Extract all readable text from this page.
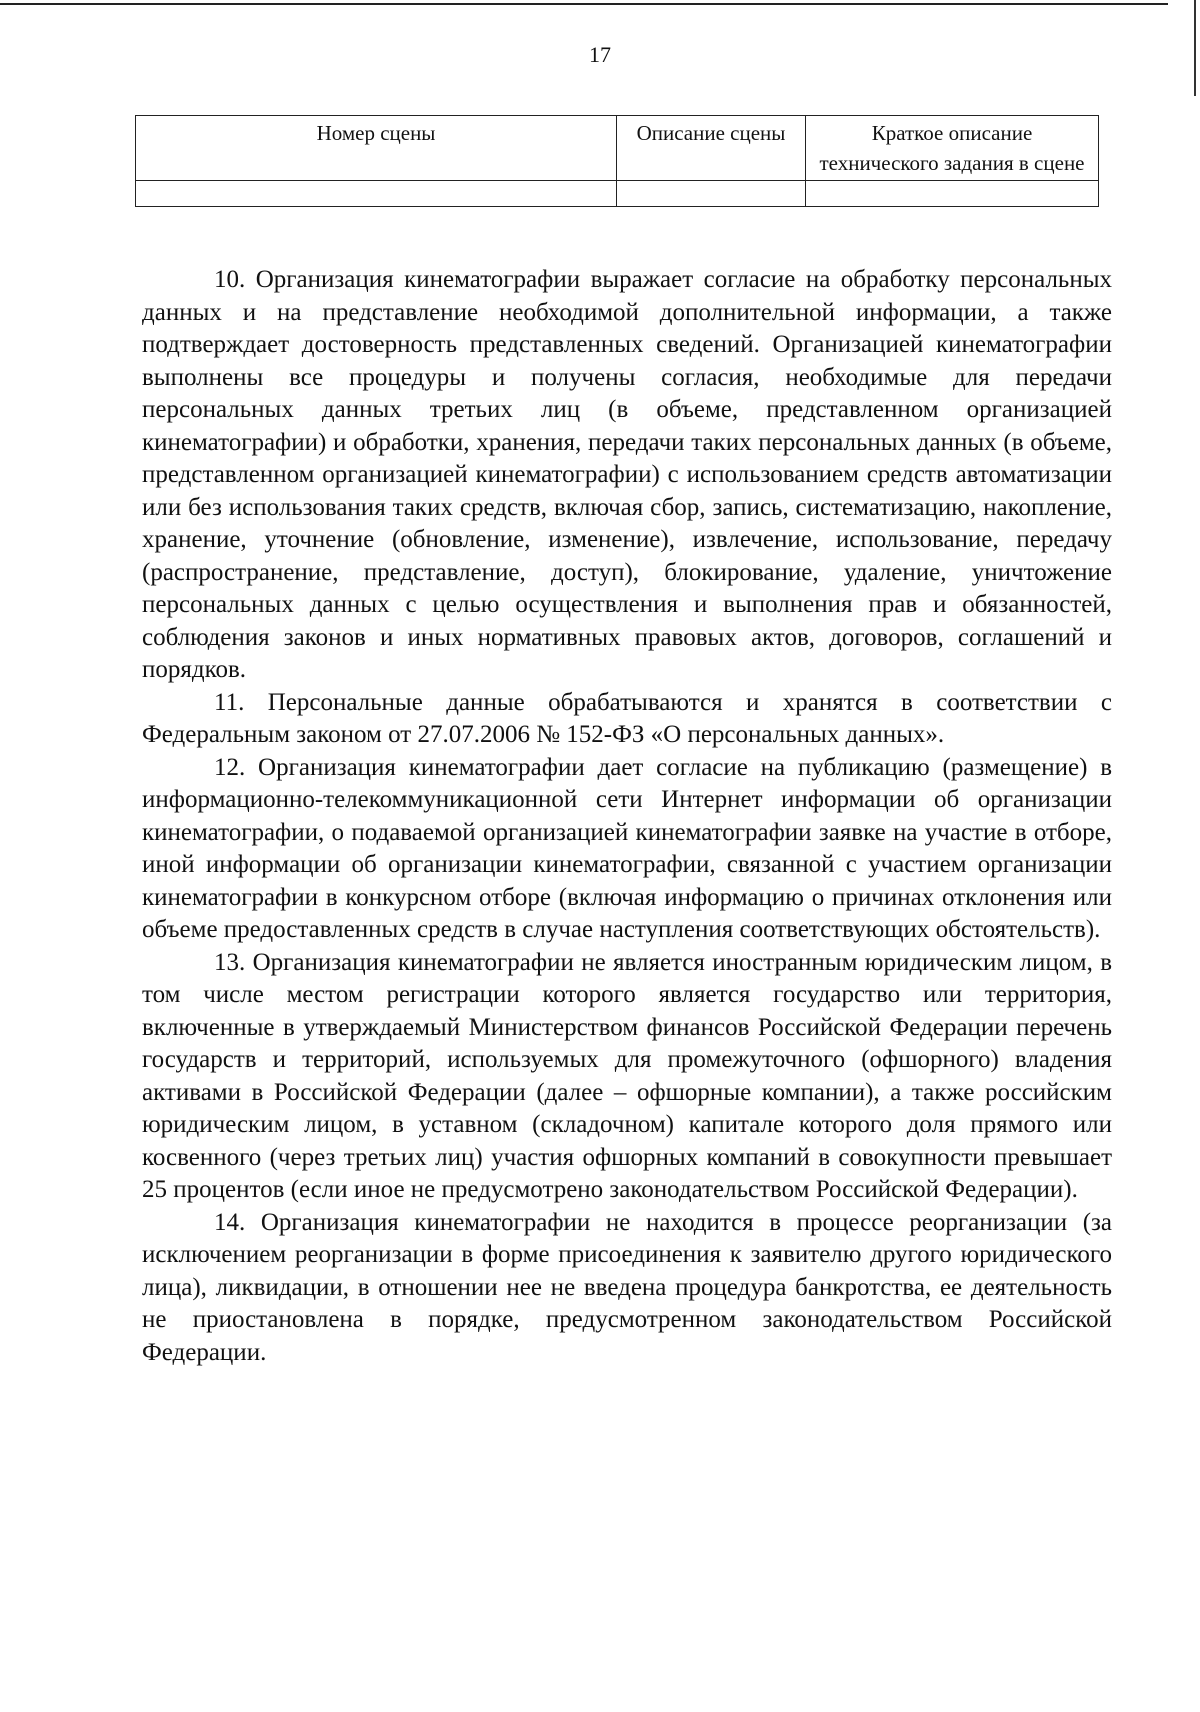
17
Номер сцены	Описание сцены	Краткое описание технического задания в сцене

10. Организация кинематографии выражает согласие на обработку персональных данных и на представление необходимой дополнительной информации, а также подтверждает достоверность представленных сведений. Организацией кинематографии выполнены все процедуры и получены согласия, необходимые для передачи персональных данных третьих лиц (в объеме, представленном организацией кинематографии) и обработки, хранения, передачи таких персональных данных (в объеме, представленном организацией кинематографии) с использованием средств автоматизации или без использования таких средств, включая сбор, запись, систематизацию, накопление, хранение, уточнение (обновление, изменение), извлечение, использование, передачу (распространение, представление, доступ), блокирование, удаление, уничтожение персональных данных с целью осуществления и выполнения прав и обязанностей, соблюдения законов и иных нормативных правовых актов, договоров, соглашений и порядков.

11. Персональные данные обрабатываются и хранятся в соответствии с Федеральным законом от 27.07.2006 № 152-ФЗ «О персональных данных».

12. Организация кинематографии дает согласие на публикацию (размещение) в информационно-телекоммуникационной сети Интернет информации об организации кинематографии, о подаваемой организацией кинематографии заявке на участие в отборе, иной информации об организации кинематографии, связанной с участием организации кинематографии в конкурсном отборе (включая информацию о причинах отклонения или объеме предоставленных средств в случае наступления соответствующих обстоятельств).

13. Организация кинематографии не является иностранным юридическим лицом, в том числе местом регистрации которого является государство или территория, включенные в утверждаемый Министерством финансов Российской Федерации перечень государств и территорий, используемых для промежуточного (офшорного) владения активами в Российской Федерации (далее – офшорные компании), а также российским юридическим лицом, в уставном (складочном) капитале которого доля прямого или косвенного (через третьих лиц) участия офшорных компаний в совокупности превышает 25 процентов (если иное не предусмотрено законодательством Российской Федерации).

14. Организация кинематографии не находится в процессе реорганизации (за исключением реорганизации в форме присоединения к заявителю другого юридического лица), ликвидации, в отношении нее не введена процедура банкротства, ее деятельность не приостановлена в порядке, предусмотренном законодательством Российской Федерации.
